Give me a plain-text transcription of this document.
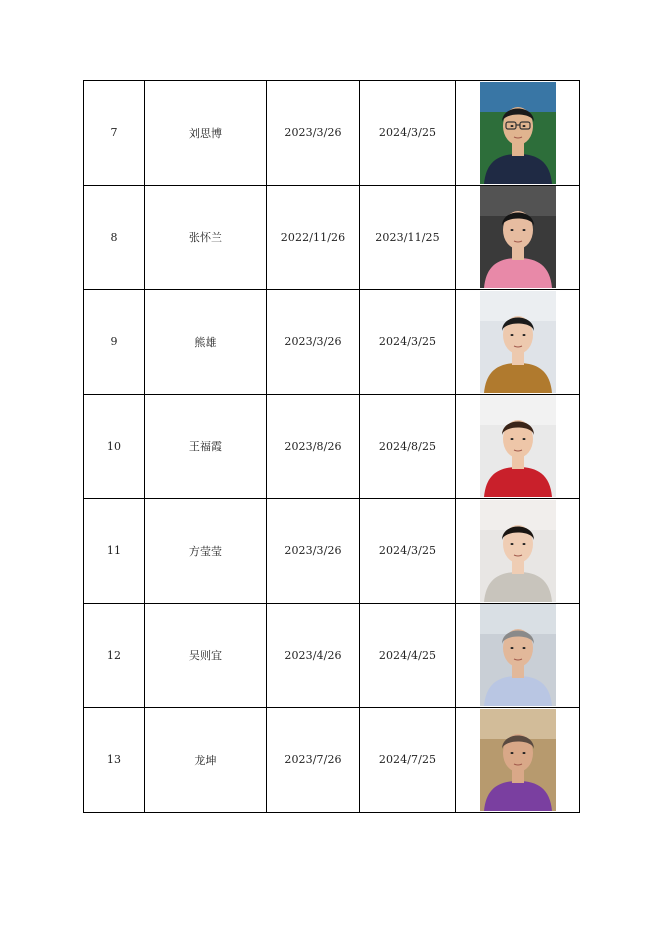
7	刘思博	2023/3/26	2024/3/25	

8	张怀兰	2022/11/26	2023/11/25	

9	熊雄	2023/3/26	2024/3/25	

10	王福霞	2023/8/26	2024/8/25	

11	方莹莹	2023/3/26	2024/3/25	

12	吴则宜	2023/4/26	2024/4/25	

13	龙坤	2023/7/26	2024/7/25	
